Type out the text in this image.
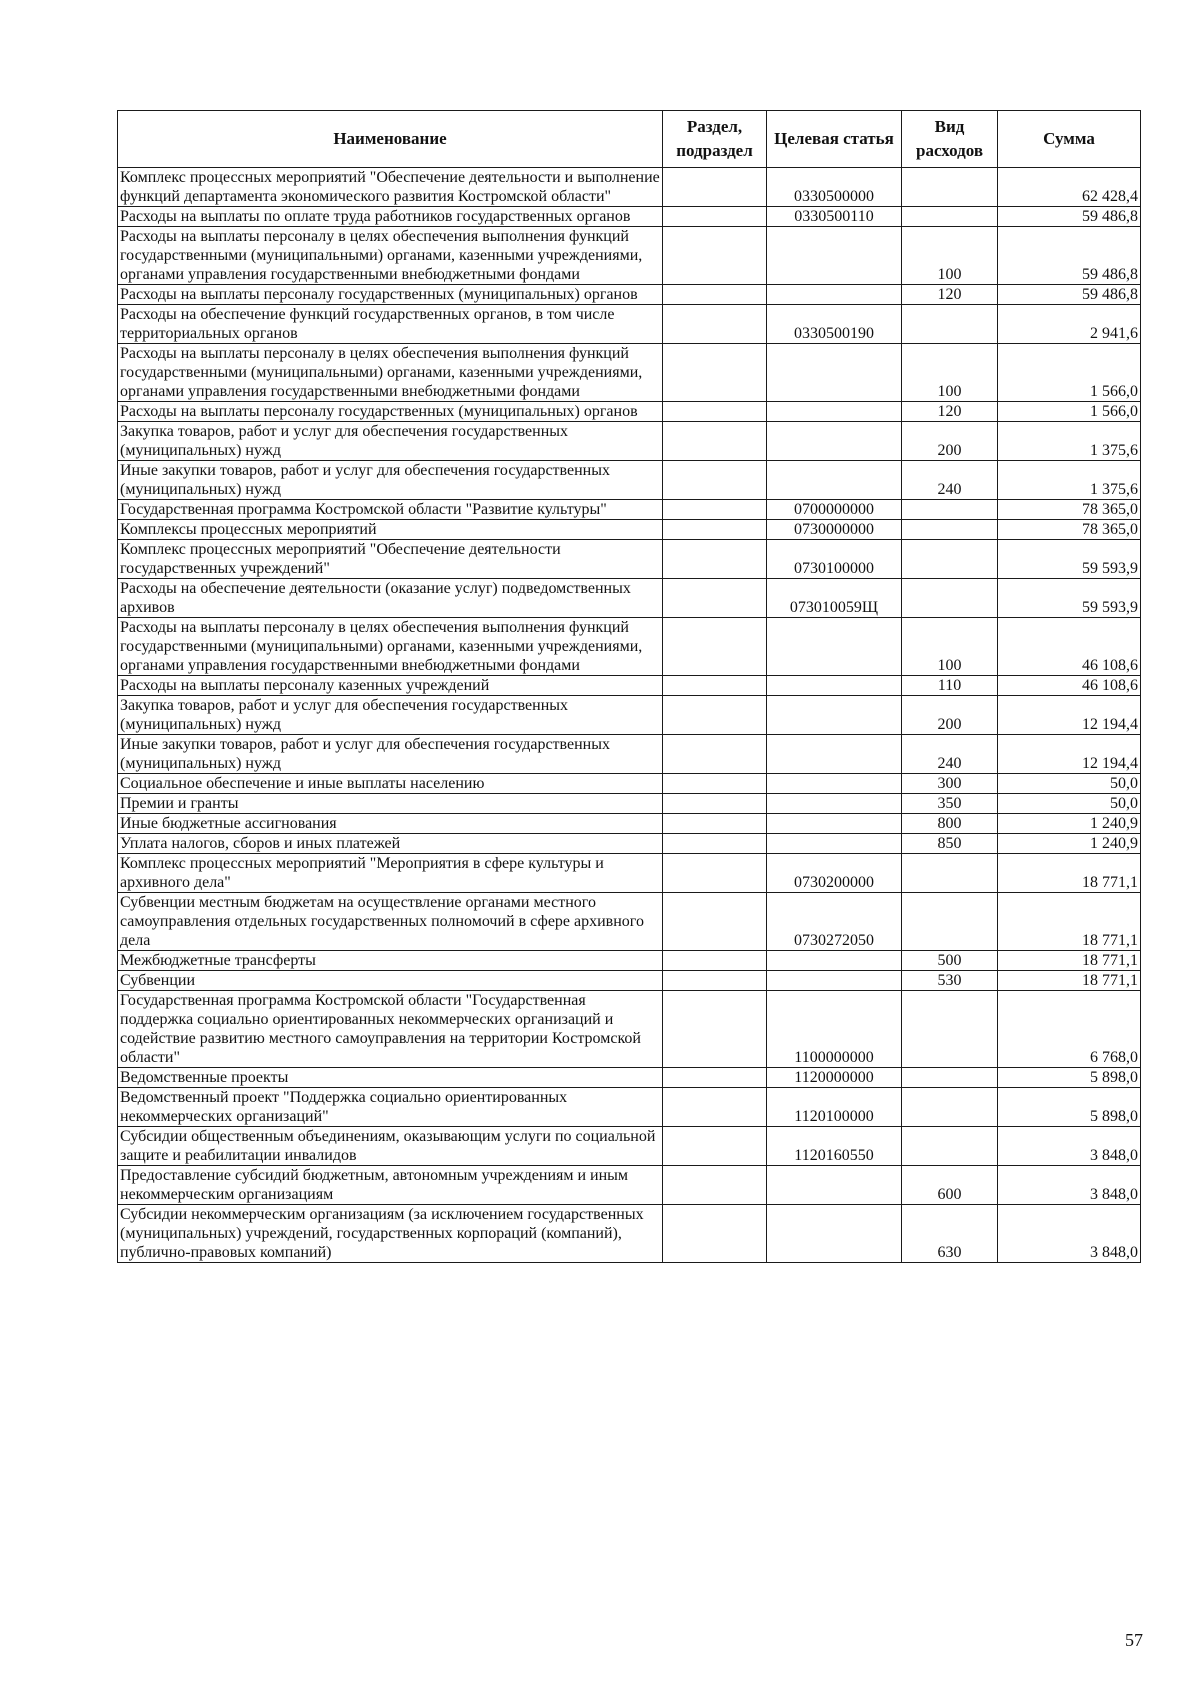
Наименование	Раздел, подраздел	Целевая статья	Вид расходов	Сумма
Комплекс процессных мероприятий "Обеспечение деятельности и выполнение функций департамента экономического развития Костромской области"		0330500000		62 428,4
Расходы на выплаты по оплате труда работников государственных органов		0330500110		59 486,8
Расходы на выплаты персоналу в целях обеспечения выполнения функций государственными (муниципальными) органами, казенными учреждениями, органами управления государственными внебюджетными фондами			100	59 486,8
Расходы на выплаты персоналу государственных (муниципальных) органов			120	59 486,8
Расходы на обеспечение функций государственных органов, в том числе территориальных органов		0330500190		2 941,6
Расходы на выплаты персоналу в целях обеспечения выполнения функций государственными (муниципальными) органами, казенными учреждениями, органами управления государственными внебюджетными фондами			100	1 566,0
Расходы на выплаты персоналу государственных (муниципальных) органов			120	1 566,0
Закупка товаров, работ и услуг для обеспечения государственных (муниципальных) нужд			200	1 375,6
Иные закупки товаров, работ и услуг для обеспечения государственных (муниципальных) нужд			240	1 375,6
Государственная программа Костромской области "Развитие культуры"		0700000000		78 365,0
Комплексы процессных мероприятий		0730000000		78 365,0
Комплекс процессных мероприятий "Обеспечение деятельности государственных учреждений"		0730100000		59 593,9
Расходы на обеспечение деятельности (оказание услуг) подведомственных архивов		073010059Щ		59 593,9
Расходы на выплаты персоналу в целях обеспечения выполнения функций государственными (муниципальными) органами, казенными учреждениями, органами управления государственными внебюджетными фондами			100	46 108,6
Расходы на выплаты персоналу казенных учреждений			110	46 108,6
Закупка товаров, работ и услуг для обеспечения государственных (муниципальных) нужд			200	12 194,4
Иные закупки товаров, работ и услуг для обеспечения государственных (муниципальных) нужд			240	12 194,4
Социальное обеспечение и иные выплаты населению			300	50,0
Премии и гранты			350	50,0
Иные бюджетные ассигнования			800	1 240,9
Уплата налогов, сборов и иных платежей			850	1 240,9
Комплекс процессных мероприятий "Мероприятия в сфере культуры и архивного дела"		0730200000		18 771,1
Субвенции местным бюджетам на осуществление органами местного самоуправления отдельных государственных полномочий в сфере архивного дела		0730272050		18 771,1
Межбюджетные трансферты			500	18 771,1
Субвенции			530	18 771,1
Государственная программа Костромской области "Государственная поддержка социально ориентированных некоммерческих организаций и содействие развитию местного самоуправления на территории Костромской области"		1100000000		6 768,0
Ведомственные проекты		1120000000		5 898,0
Ведомственный проект "Поддержка социально ориентированных некоммерческих организаций"		1120100000		5 898,0
Субсидии общественным объединениям, оказывающим услуги по социальной защите и реабилитации инвалидов		1120160550		3 848,0
Предоставление субсидий бюджетным, автономным учреждениям и иным некоммерческим организациям			600	3 848,0
Субсидии некоммерческим организациям (за исключением государственных (муниципальных) учреждений, государственных корпораций (компаний), публично-правовых компаний)			630	3 848,0
57
